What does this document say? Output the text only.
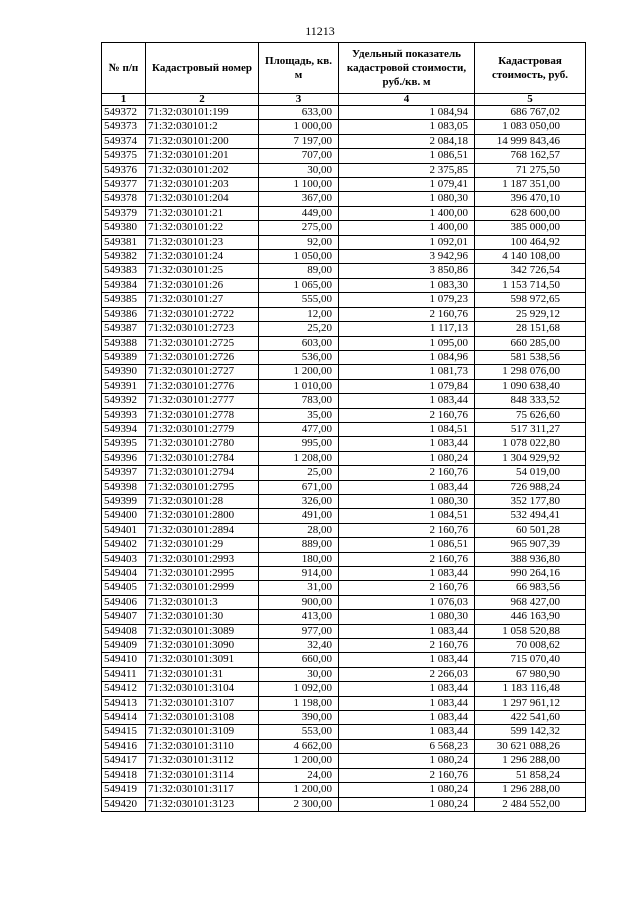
11213
№ п/п	Кадастровый номер	Площадь, кв. м	Удельный показатель кадастровой стоимости, руб./кв. м	Кадастровая стоимость, руб.
1	2	3	4	5
549372	71:32:030101:199	633,00	1 084,94	686 767,02
549373	71:32:030101:2	1 000,00	1 083,05	1 083 050,00
549374	71:32:030101:200	7 197,00	2 084,18	14 999 843,46
549375	71:32:030101:201	707,00	1 086,51	768 162,57
549376	71:32:030101:202	30,00	2 375,85	71 275,50
549377	71:32:030101:203	1 100,00	1 079,41	1 187 351,00
549378	71:32:030101:204	367,00	1 080,30	396 470,10
549379	71:32:030101:21	449,00	1 400,00	628 600,00
549380	71:32:030101:22	275,00	1 400,00	385 000,00
549381	71:32:030101:23	92,00	1 092,01	100 464,92
549382	71:32:030101:24	1 050,00	3 942,96	4 140 108,00
549383	71:32:030101:25	89,00	3 850,86	342 726,54
549384	71:32:030101:26	1 065,00	1 083,30	1 153 714,50
549385	71:32:030101:27	555,00	1 079,23	598 972,65
549386	71:32:030101:2722	12,00	2 160,76	25 929,12
549387	71:32:030101:2723	25,20	1 117,13	28 151,68
549388	71:32:030101:2725	603,00	1 095,00	660 285,00
549389	71:32:030101:2726	536,00	1 084,96	581 538,56
549390	71:32:030101:2727	1 200,00	1 081,73	1 298 076,00
549391	71:32:030101:2776	1 010,00	1 079,84	1 090 638,40
549392	71:32:030101:2777	783,00	1 083,44	848 333,52
549393	71:32:030101:2778	35,00	2 160,76	75 626,60
549394	71:32:030101:2779	477,00	1 084,51	517 311,27
549395	71:32:030101:2780	995,00	1 083,44	1 078 022,80
549396	71:32:030101:2784	1 208,00	1 080,24	1 304 929,92
549397	71:32:030101:2794	25,00	2 160,76	54 019,00
549398	71:32:030101:2795	671,00	1 083,44	726 988,24
549399	71:32:030101:28	326,00	1 080,30	352 177,80
549400	71:32:030101:2800	491,00	1 084,51	532 494,41
549401	71:32:030101:2894	28,00	2 160,76	60 501,28
549402	71:32:030101:29	889,00	1 086,51	965 907,39
549403	71:32:030101:2993	180,00	2 160,76	388 936,80
549404	71:32:030101:2995	914,00	1 083,44	990 264,16
549405	71:32:030101:2999	31,00	2 160,76	66 983,56
549406	71:32:030101:3	900,00	1 076,03	968 427,00
549407	71:32:030101:30	413,00	1 080,30	446 163,90
549408	71:32:030101:3089	977,00	1 083,44	1 058 520,88
549409	71:32:030101:3090	32,40	2 160,76	70 008,62
549410	71:32:030101:3091	660,00	1 083,44	715 070,40
549411	71:32:030101:31	30,00	2 266,03	67 980,90
549412	71:32:030101:3104	1 092,00	1 083,44	1 183 116,48
549413	71:32:030101:3107	1 198,00	1 083,44	1 297 961,12
549414	71:32:030101:3108	390,00	1 083,44	422 541,60
549415	71:32:030101:3109	553,00	1 083,44	599 142,32
549416	71:32:030101:3110	4 662,00	6 568,23	30 621 088,26
549417	71:32:030101:3112	1 200,00	1 080,24	1 296 288,00
549418	71:32:030101:3114	24,00	2 160,76	51 858,24
549419	71:32:030101:3117	1 200,00	1 080,24	1 296 288,00
549420	71:32:030101:3123	2 300,00	1 080,24	2 484 552,00
